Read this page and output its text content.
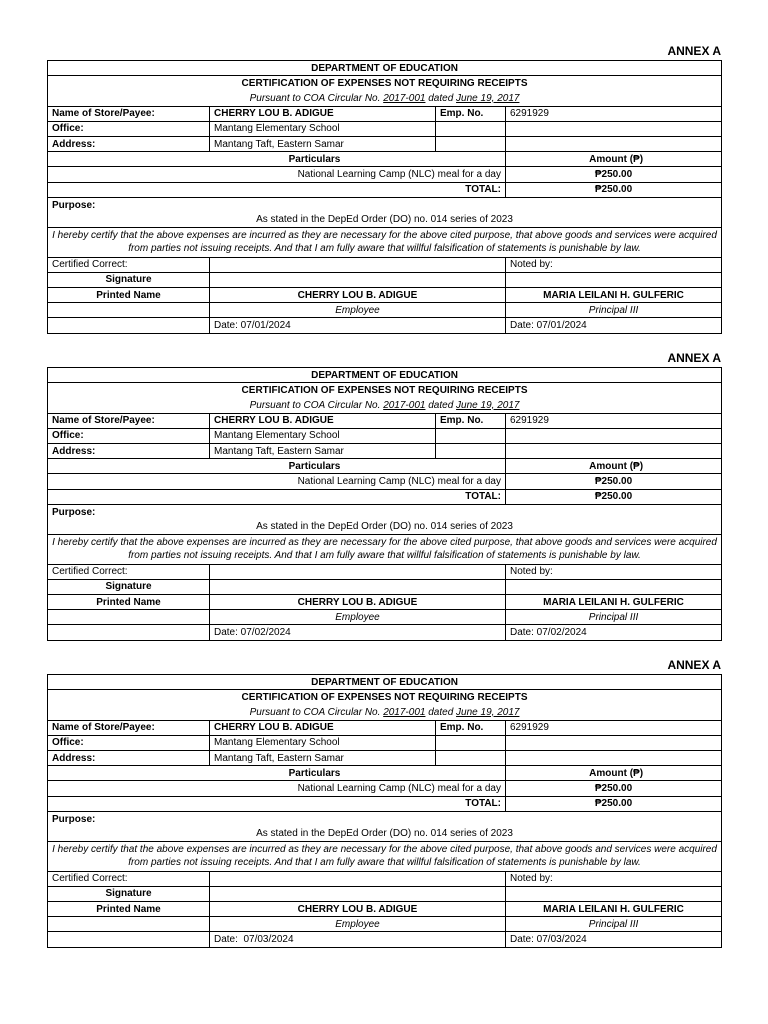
ANNEX A
DEPARTMENT OF EDUCATION			
CERTIFICATION OF EXPENSES NOT REQUIRING RECEIPTS			
Pursuant to COA Circular No. 2017-001 dated June 19, 2017			
Name of Store/Payee:	CHERRY LOU B. ADIGUE	Emp. No.	6291929
Office:	Mantang Elementary School		
Address:	Mantang Taft, Eastern Samar		
Particulars			Amount (₱)
National Learning Camp (NLC) meal for a day			₱250.00
TOTAL:			₱250.00
Purpose:
As stated in the DepEd Order (DO) no. 014 series of 2023			

I hereby certify that the above expenses are incurred as they are necessary for the above cited purpose, that above goods and services were acquired from parties not issuing receipts. And that I am fully aware that willful falsification of statements is punishable by law.			
Certified Correct:			Noted by:
Signature			
Printed Name	CHERRY LOU B. ADIGUE		MARIA LEILANI H. GULFERIC
	Employee		Principal III
	Date: 07/01/2024		Date: 07/01/2024
ANNEX A
DEPARTMENT OF EDUCATION			
CERTIFICATION OF EXPENSES NOT REQUIRING RECEIPTS			
Pursuant to COA Circular No. 2017-001 dated June 19, 2017			
Name of Store/Payee:	CHERRY LOU B. ADIGUE	Emp. No.	6291929
Office:	Mantang Elementary School		
Address:	Mantang Taft, Eastern Samar		
Particulars			Amount (₱)
National Learning Camp (NLC) meal for a day			₱250.00
TOTAL:			₱250.00
Purpose:
As stated in the DepEd Order (DO) no. 014 series of 2023			

I hereby certify that the above expenses are incurred as they are necessary for the above cited purpose, that above goods and services were acquired from parties not issuing receipts. And that I am fully aware that willful falsification of statements is punishable by law.			
Certified Correct:			Noted by:
Signature			
Printed Name	CHERRY LOU B. ADIGUE		MARIA LEILANI H. GULFERIC
	Employee		Principal III
	Date: 07/02/2024		Date: 07/02/2024
ANNEX A
DEPARTMENT OF EDUCATION			
CERTIFICATION OF EXPENSES NOT REQUIRING RECEIPTS			
Pursuant to COA Circular No. 2017-001 dated June 19, 2017			
Name of Store/Payee:	CHERRY LOU B. ADIGUE	Emp. No.	6291929
Office:	Mantang Elementary School		
Address:	Mantang Taft, Eastern Samar		
Particulars			Amount (₱)
National Learning Camp (NLC) meal for a day			₱250.00
TOTAL:			₱250.00
Purpose:
As stated in the DepEd Order (DO) no. 014 series of 2023			

I hereby certify that the above expenses are incurred as they are necessary for the above cited purpose, that above goods and services were acquired from parties not issuing receipts. And that I am fully aware that willful falsification of statements is punishable by law.			
Certified Correct:			Noted by:
Signature			
Printed Name	CHERRY LOU B. ADIGUE		MARIA LEILANI H. GULFERIC
	Employee		Principal III
	Date:  07/03/2024		Date: 07/03/2024
